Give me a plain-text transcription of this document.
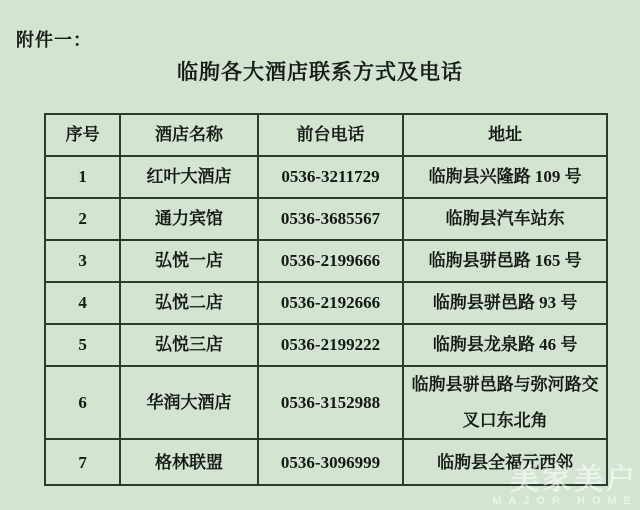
附件一：
临朐各大酒店联系方式及电话
序号	酒店名称	前台电话	地址
1	红叶大酒店	0536-3211729	临朐县兴隆路 109 号
2	通力宾馆	0536-3685567	临朐县汽车站东
3	弘悦一店	0536-2199666	临朐县骈邑路 165 号
4	弘悦二店	0536-2192666	临朐县骈邑路 93 号
5	弘悦三店	0536-2199222	临朐县龙泉路 46 号
6	华润大酒店	0536-3152988	临朐县骈邑路与弥河路交叉口东北角
7	格林联盟	0536-3096999	临朐县全福元西邻
美家美户
MAJOR HOME
